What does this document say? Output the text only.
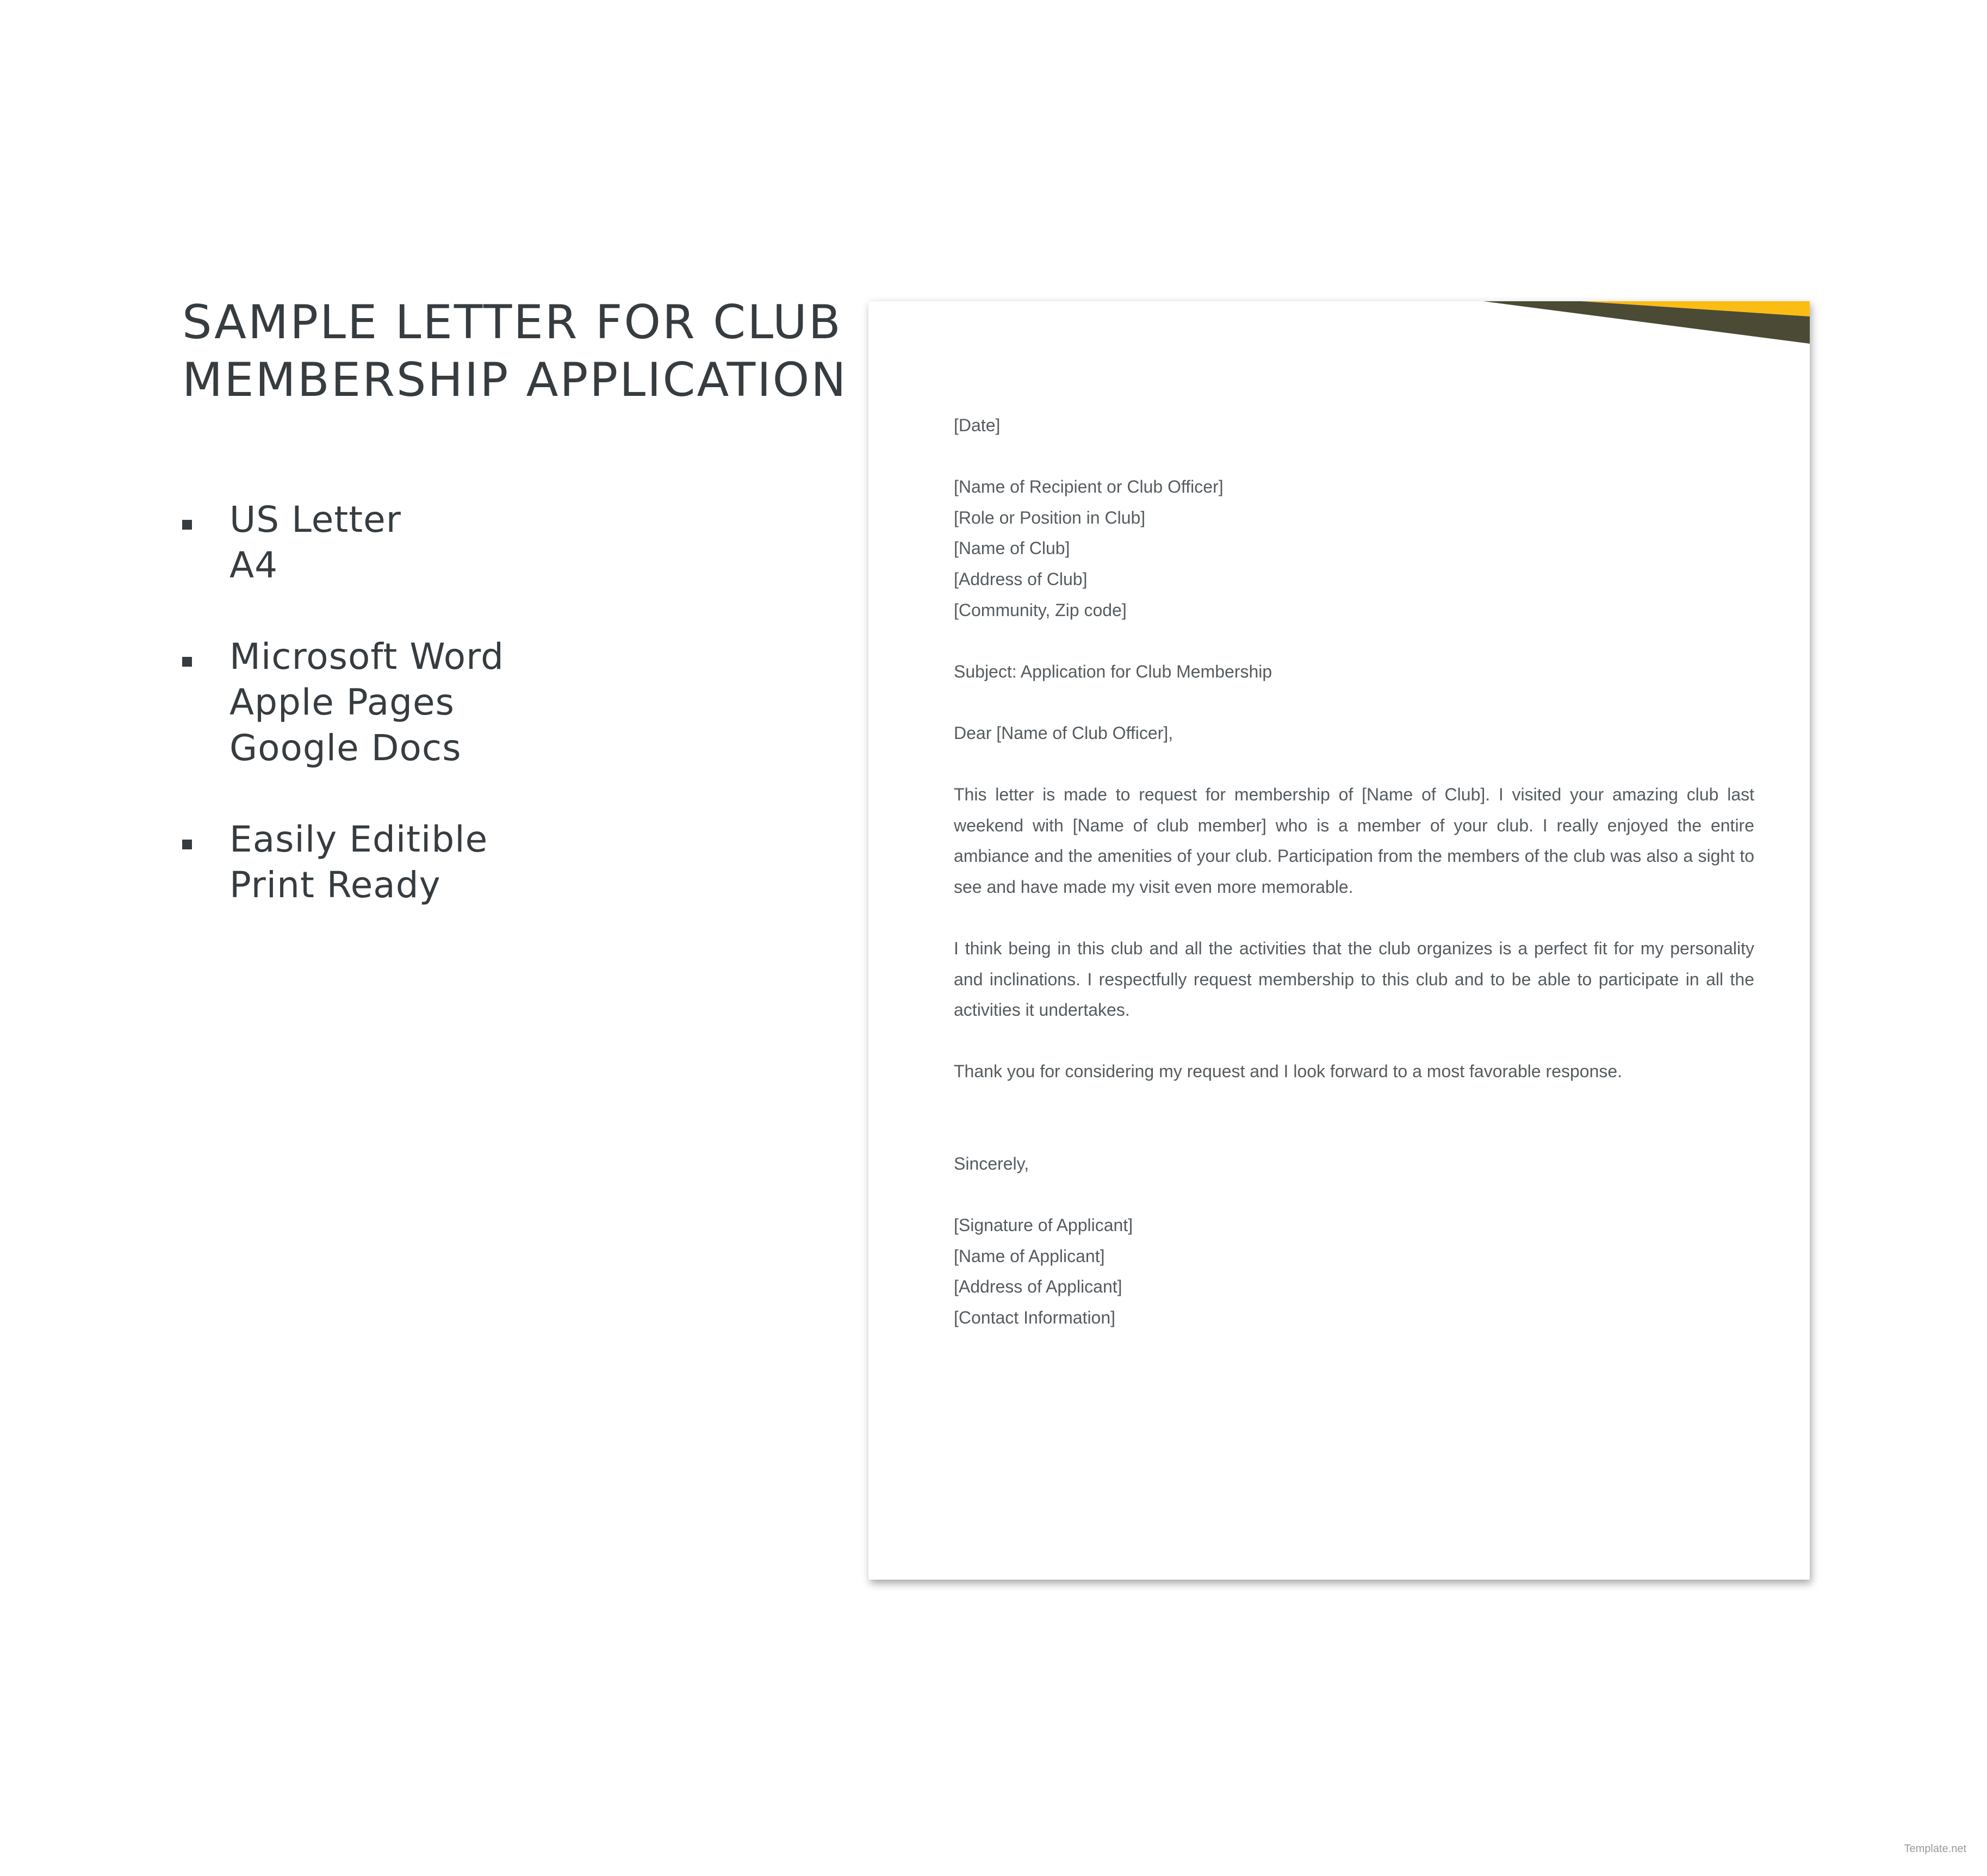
SAMPLE LETTER FOR CLUB
MEMBERSHIP APPLICATION
US Letter
A4
Microsoft Word
Apple Pages
Google Docs
Easily Editible
Print Ready
[Date]
[Name of Recipient or Club Officer]
[Role or Position in Club]
[Name of Club]
[Address of Club]
[Community, Zip code]
Subject: Application for Club Membership
Dear [Name of Club Officer],

This letter is made to request for membership of [Name of Club]. I visited your amazing club last weekend with [Name of club member] who is a member of your club. I really enjoyed the entire ambiance and the amenities of your club. Participation from the members of the club was also a sight to see and have made my visit even more memorable.

I think being in this club and all the activities that the club organizes is a perfect fit for my personality and inclinations. I respectfully request membership to this club and to be able to participate in all the activities it undertakes.

Thank you for considering my request and I look forward to a most favorable response.

Sincerely,
[Signature of Applicant]
[Name of Applicant]
[Address of Applicant]
[Contact Information]
Template.net
